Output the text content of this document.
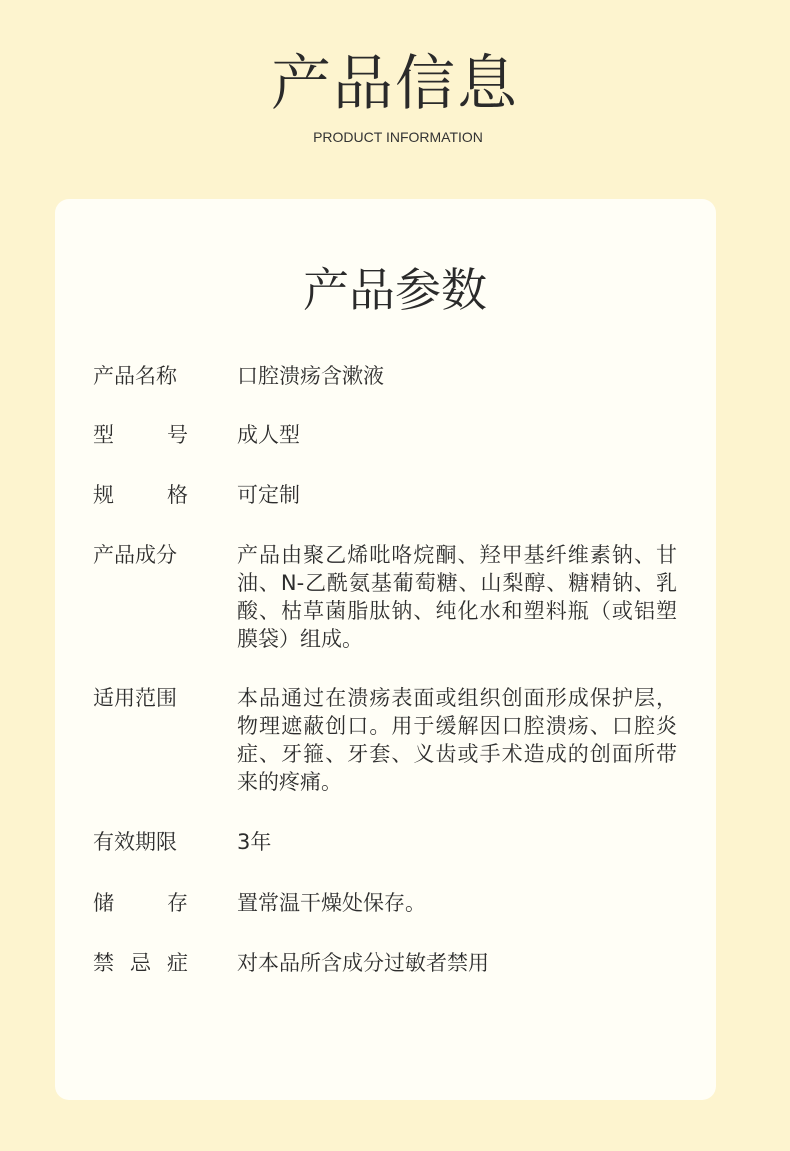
产品信息
PRODUCT INFORMATION
产品参数
产品名称	口腔溃疡含漱液
型　号 成人型
规　格 可定制
产品成分	产品由聚乙烯吡咯烷酮、羟甲基纤维素钠、甘油、N-乙酰氨基葡萄糖、山梨醇、糖精钠、乳酸、枯草菌脂肽钠、纯化水和塑料瓶（或铝塑膜袋）组成。
适用范围	本品通过在溃疡表面或组织创面形成保护层，物理遮蔽创口。用于缓解因口腔溃疡、口腔炎症、牙箍、牙套、义齿或手术造成的创面所带来的疼痛。
有效期限	3年
储　存 置常温干燥处保存。
禁忌症 对本品所含成分过敏者禁用
